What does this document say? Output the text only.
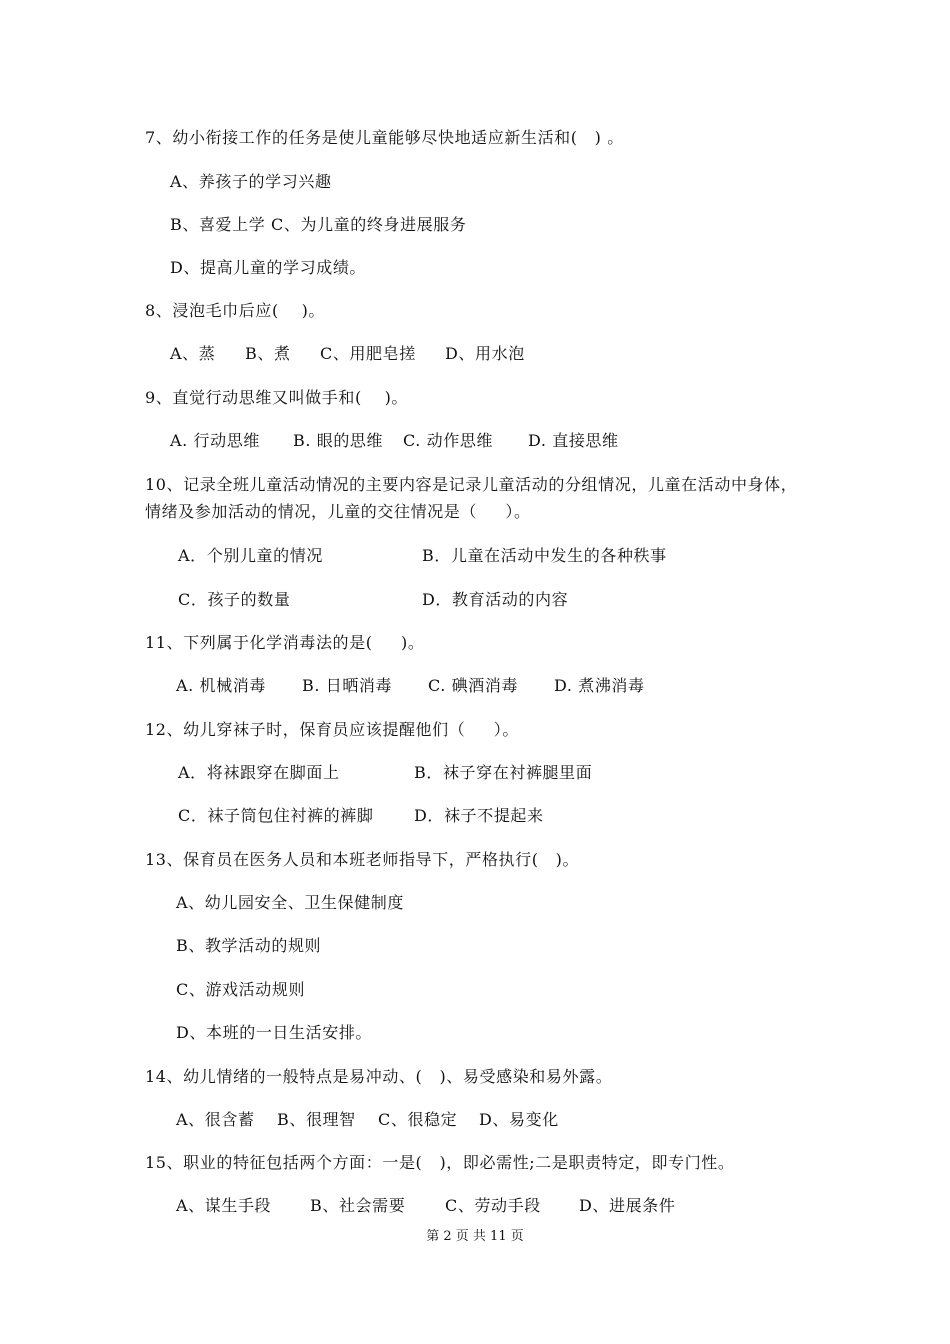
7、幼小衔接工作的任务是使儿童能够尽快地适应新生活和(   ) 。
A、养孩子的学习兴趣
B、喜爱上学 C、为儿童的终身进展服务
D、提高儿童的学习成绩。
8、浸泡毛巾后应(    )。
A、蒸 B、煮 C、用肥皂搓 D、用水泡
9、直觉行动思维又叫做手和(    )。
A. 行动思维 B. 眼的思维 C. 动作思维 D. 直接思维
10、记录全班儿童活动情况的主要内容是记录儿童活动的分组情况，儿童在活动中身体，
情绪及参加活动的情况，儿童的交往情况是（     ）。
A．个别儿童的情况	B．儿童在活动中发生的各种秩事
C．孩子的数量	D．教育活动的内容
11、下列属于化学消毒法的是(     )。
A. 机械消毒 B. 日晒消毒 C. 碘酒消毒 D. 煮沸消毒
12、幼儿穿袜子时，保育员应该提醒他们（     ）。
A．将袜跟穿在脚面上	B．袜子穿在衬裤腿里面
C．袜子筒包住衬裤的裤脚	D．袜子不提起来
13、保育员在医务人员和本班老师指导下，严格执行(   )。
A、幼儿园安全、卫生保健制度
B、教学活动的规则
C、游戏活动规则
D、本班的一日生活安排。
14、幼儿情绪的一般特点是易冲动、(   )、易受感染和易外露。
A、很含蓄 B、很理智 C、很稳定 D、易变化
15、职业的特征包括两个方面：一是(   )，即必需性;二是职责特定，即专门性。
A、谋生手段 B、社会需要 C、劳动手段 D、进展条件
第 2 页 共 11 页
